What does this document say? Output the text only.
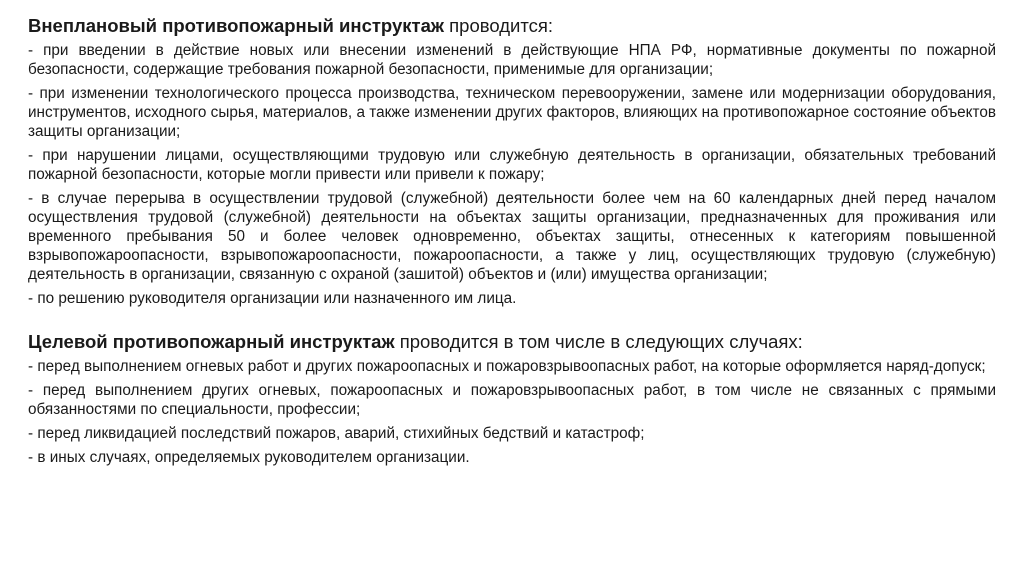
Внеплановый противопожарный инструктаж проводится:
- при введении в действие новых или внесении изменений в действующие НПА РФ, нормативные документы по пожарной безопасности, содержащие требования пожарной безопасности, применимые для организации;
- при изменении технологического процесса производства, техническом перевооружении, замене или модернизации оборудования, инструментов, исходного сырья, материалов, а также изменении других факторов, влияющих на противопожарное состояние объектов защиты организации;
- при нарушении лицами, осуществляющими трудовую или служебную деятельность в организации, обязательных требований пожарной безопасности, которые могли привести или привели к пожару;
- в случае перерыва в осуществлении трудовой (служебной) деятельности более чем на 60 календарных дней перед началом осуществления трудовой (служебной) деятельности на объектах защиты организации, предназначенных для проживания или временного пребывания 50 и более человек одновременно, объектах защиты, отнесенных к категориям повышенной взрывопожароопасности, взрывопожароопасности, пожароопасности, а также у лиц, осуществляющих трудовую (служебную) деятельность в организации, связанную с охраной (зашитой) объектов и (или) имущества организации;
- по решению руководителя организации или назначенного им лица.
Целевой противопожарный инструктаж проводится в том числе в следующих случаях:
- перед выполнением огневых работ и других пожароопасных и пожаровзрывоопасных работ, на которые оформляется наряд-допуск;
- перед выполнением других огневых, пожароопасных и пожаровзрывоопасных работ, в том числе не связанных с прямыми обязанностями по специальности, профессии;
- перед ликвидацией последствий пожаров, аварий, стихийных бедствий и катастроф;
- в иных случаях, определяемых руководителем организации.
